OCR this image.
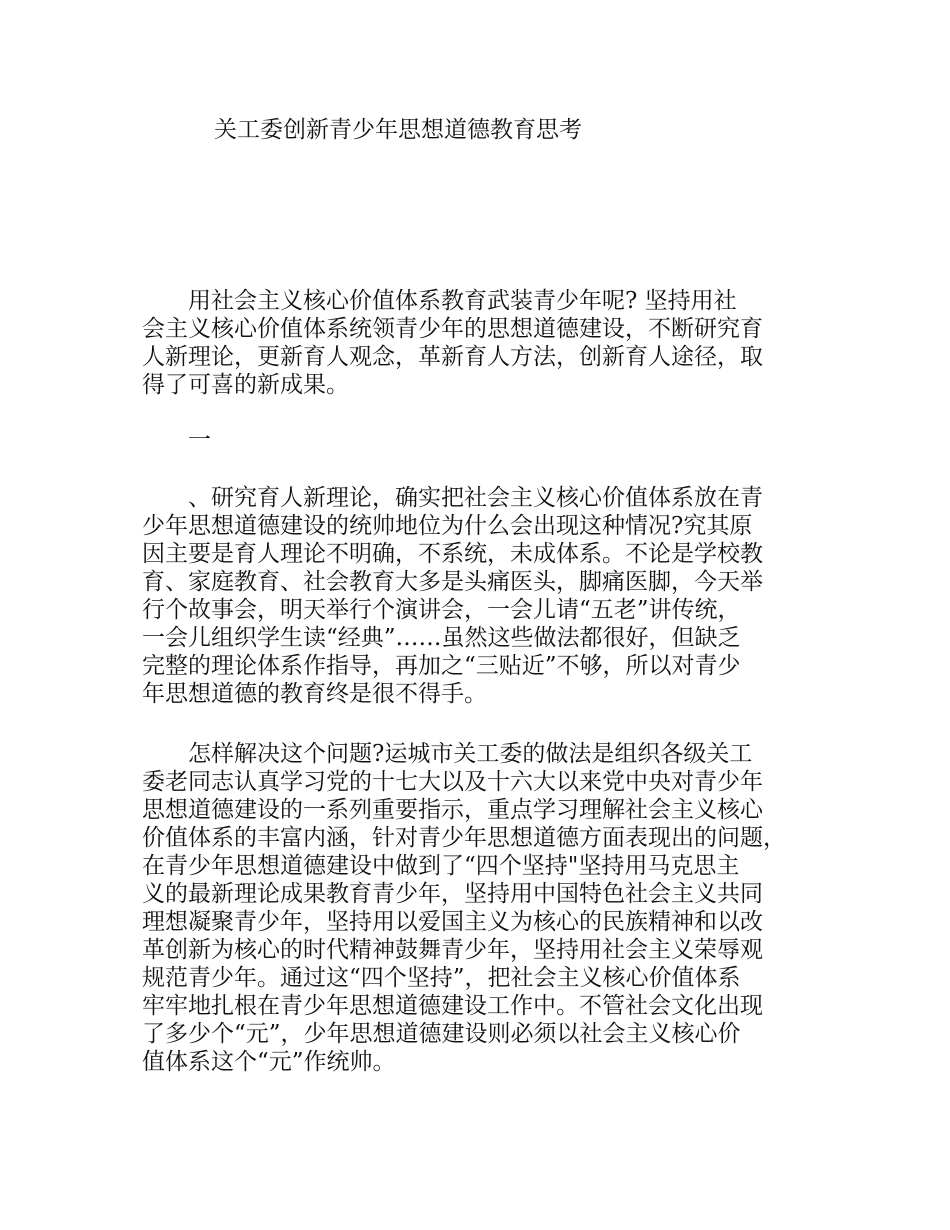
关工委创新青少年思想道德教育思考
用社会主义核心价值体系教育武装青少年呢? 坚持用社
会主义核心价值体系统领青少年的思想道德建设，不断研究育
人新理论，更新育人观念，革新育人方法，创新育人途径，取
得了可喜的新成果。
一
、研究育人新理论，确实把社会主义核心价值体系放在青
少年思想道德建设的统帅地位为什么会出现这种情况?究其原
因主要是育人理论不明确，不系统，未成体系。不论是学校教
育、家庭教育、社会教育大多是头痛医头，脚痛医脚，今天举
行个故事会，明天举行个演讲会，一会儿请“五老”讲传统，
一会儿组织学生读“经典”……虽然这些做法都很好，但缺乏
完整的理论体系作指导，再加之“三贴近”不够，所以对青少
年思想道德的教育终是很不得手。
怎样解决这个问题?运城市关工委的做法是组织各级关工
委老同志认真学习党的十七大以及十六大以来党中央对青少年
思想道德建设的一系列重要指示，重点学习理解社会主义核心
价值体系的丰富内涵，针对青少年思想道德方面表现出的问题，
在青少年思想道德建设中做到了“四个坚持"坚持用马克思主
义的最新理论成果教育青少年，坚持用中国特色社会主义共同
理想凝聚青少年，坚持用以爱国主义为核心的民族精神和以改
革创新为核心的时代精神鼓舞青少年，坚持用社会主义荣辱观
规范青少年。通过这“四个坚持”，把社会主义核心价值体系
牢牢地扎根在青少年思想道德建设工作中。不管社会文化出现
了多少个“元”，少年思想道德建设则必须以社会主义核心价
值体系这个“元”作统帅。
